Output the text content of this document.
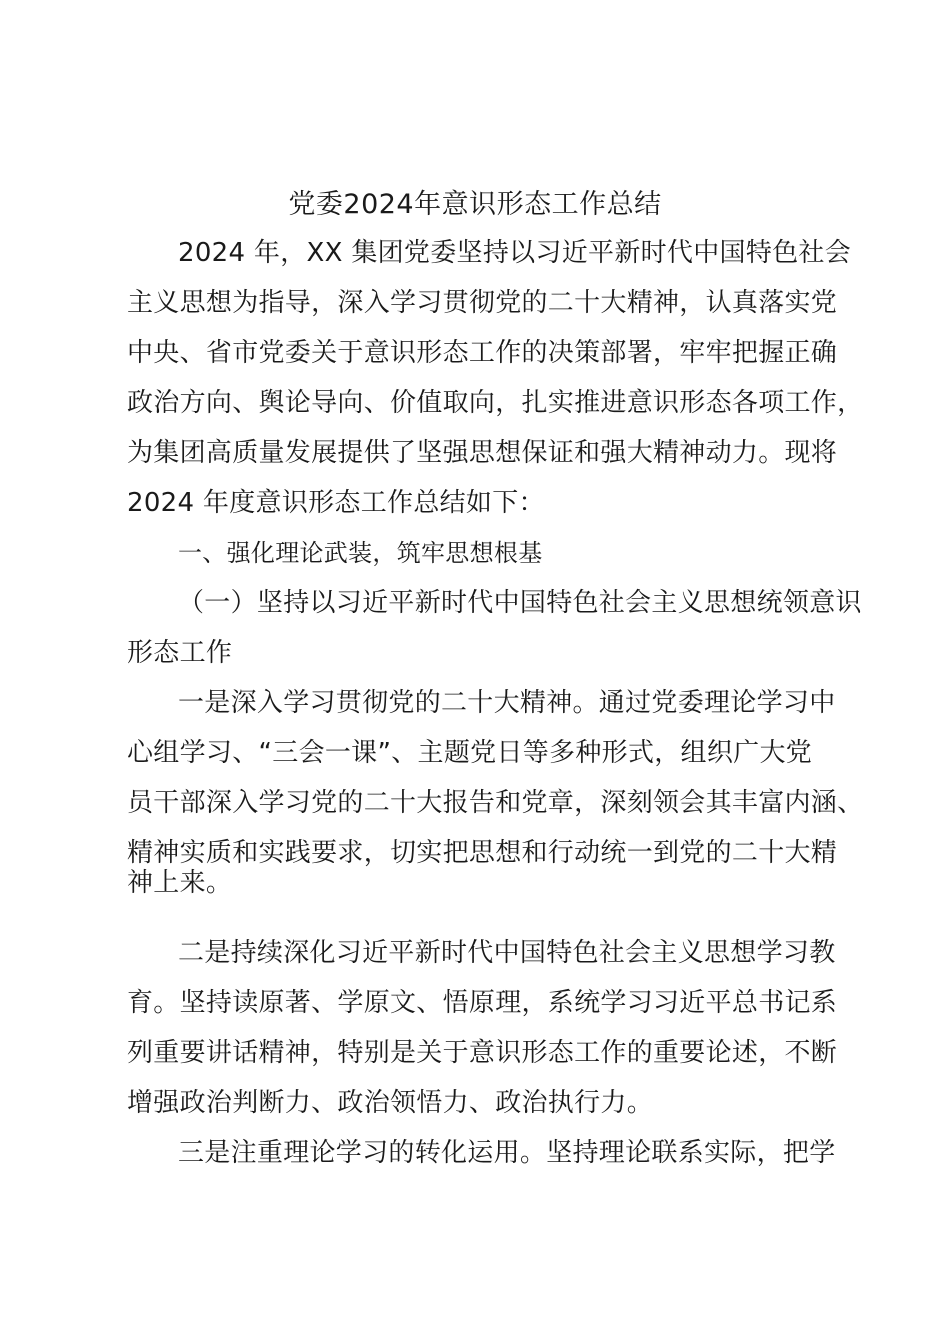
党委2024年意识形态工作总结
2024 年，XX 集团党委坚持以习近平新时代中国特色社会
主义思想为指导，深入学习贯彻党的二十大精神，认真落实党
中央、省市党委关于意识形态工作的决策部署，牢牢把握正确
政治方向、舆论导向、价值取向，扎实推进意识形态各项工作，
为集团高质量发展提供了坚强思想保证和强大精神动力。现将
2024 年度意识形态工作总结如下：
一、强化理论武装，筑牢思想根基
（一）坚持以习近平新时代中国特色社会主义思想统领意识
形态工作
一是深入学习贯彻党的二十大精神。通过党委理论学习中
心组学习、“三会一课”、主题党日等多种形式，组织广大党
员干部深入学习党的二十大报告和党章，深刻领会其丰富内涵、
精神实质和实践要求，切实把思想和行动统一到党的二十大精
神上来。
二是持续深化习近平新时代中国特色社会主义思想学习教
育。坚持读原著、学原文、悟原理，系统学习习近平总书记系
列重要讲话精神，特别是关于意识形态工作的重要论述，不断
增强政治判断力、政治领悟力、政治执行力。
三是注重理论学习的转化运用。坚持理论联系实际，把学
